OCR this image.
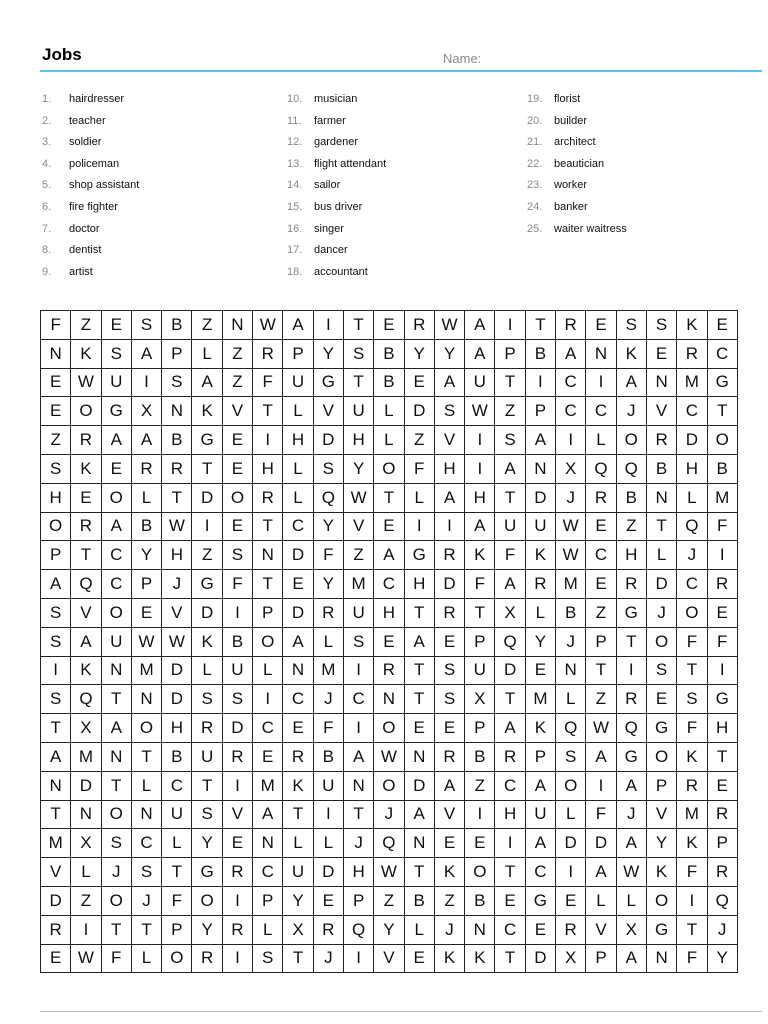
Jobs	Name:
1.	hairdresser
2.	teacher
3.	soldier
4.	policeman
5.	shop assistant
6.	fire fighter
7.	doctor
8.	dentist
9.	artist
10.	musician
11.	farmer
12.	gardener
13.	flight attendant
14.	sailor
15.	bus driver
16.	singer
17.	dancer
18.	accountant
19.	florist
20.	builder
21.	architect
22.	beautician
23.	worker
24.	banker
25.	waiter waitress
F	Z	E	S	B	Z	N	W	A	I	T	E	R	W	A	I	T	R	E	S	S	K	E
N	K	S	A	P	L	Z	R	P	Y	S	B	Y	Y	A	P	B	A	N	K	E	R	C
E	W	U	I	S	A	Z	F	U	G	T	B	E	A	U	T	I	C	I	A	N	M	G
E	O	G	X	N	K	V	T	L	V	U	L	D	S	W	Z	P	C	C	J	V	C	T
Z	R	A	A	B	G	E	I	H	D	H	L	Z	V	I	S	A	I	L	O	R	D	O
S	K	E	R	R	T	E	H	L	S	Y	O	F	H	I	A	N	X	Q	Q	B	H	B
H	E	O	L	T	D	O	R	L	Q	W	T	L	A	H	T	D	J	R	B	N	L	M
O	R	A	B	W	I	E	T	C	Y	V	E	I	I	A	U	U	W	E	Z	T	Q	F
P	T	C	Y	H	Z	S	N	D	F	Z	A	G	R	K	F	K	W	C	H	L	J	I
A	Q	C	P	J	G	F	T	E	Y	M	C	H	D	F	A	R	M	E	R	D	C	R
S	V	O	E	V	D	I	P	D	R	U	H	T	R	T	X	L	B	Z	G	J	O	E
S	A	U	W	W	K	B	O	A	L	S	E	A	E	P	Q	Y	J	P	T	O	F	F
I	K	N	M	D	L	U	L	N	M	I	R	T	S	U	D	E	N	T	I	S	T	I
S	Q	T	N	D	S	S	I	C	J	C	N	T	S	X	T	M	L	Z	R	E	S	G
T	X	A	O	H	R	D	C	E	F	I	O	E	E	P	A	K	Q	W	Q	G	F	H
A	M	N	T	B	U	R	E	R	B	A	W	N	R	B	R	P	S	A	G	O	K	T
N	D	T	L	C	T	I	M	K	U	N	O	D	A	Z	C	A	O	I	A	P	R	E
T	N	O	N	U	S	V	A	T	I	T	J	A	V	I	H	U	L	F	J	V	M	R
M	X	S	C	L	Y	E	N	L	L	J	Q	N	E	E	I	A	D	D	A	Y	K	P
V	L	J	S	T	G	R	C	U	D	H	W	T	K	O	T	C	I	A	W	K	F	R
D	Z	O	J	F	O	I	P	Y	E	P	Z	B	Z	B	E	G	E	L	L	O	I	Q
R	I	T	T	P	Y	R	L	X	R	Q	Y	L	J	N	C	E	R	V	X	G	T	J
E	W	F	L	O	R	I	S	T	J	I	V	E	K	K	T	D	X	P	A	N	F	Y
